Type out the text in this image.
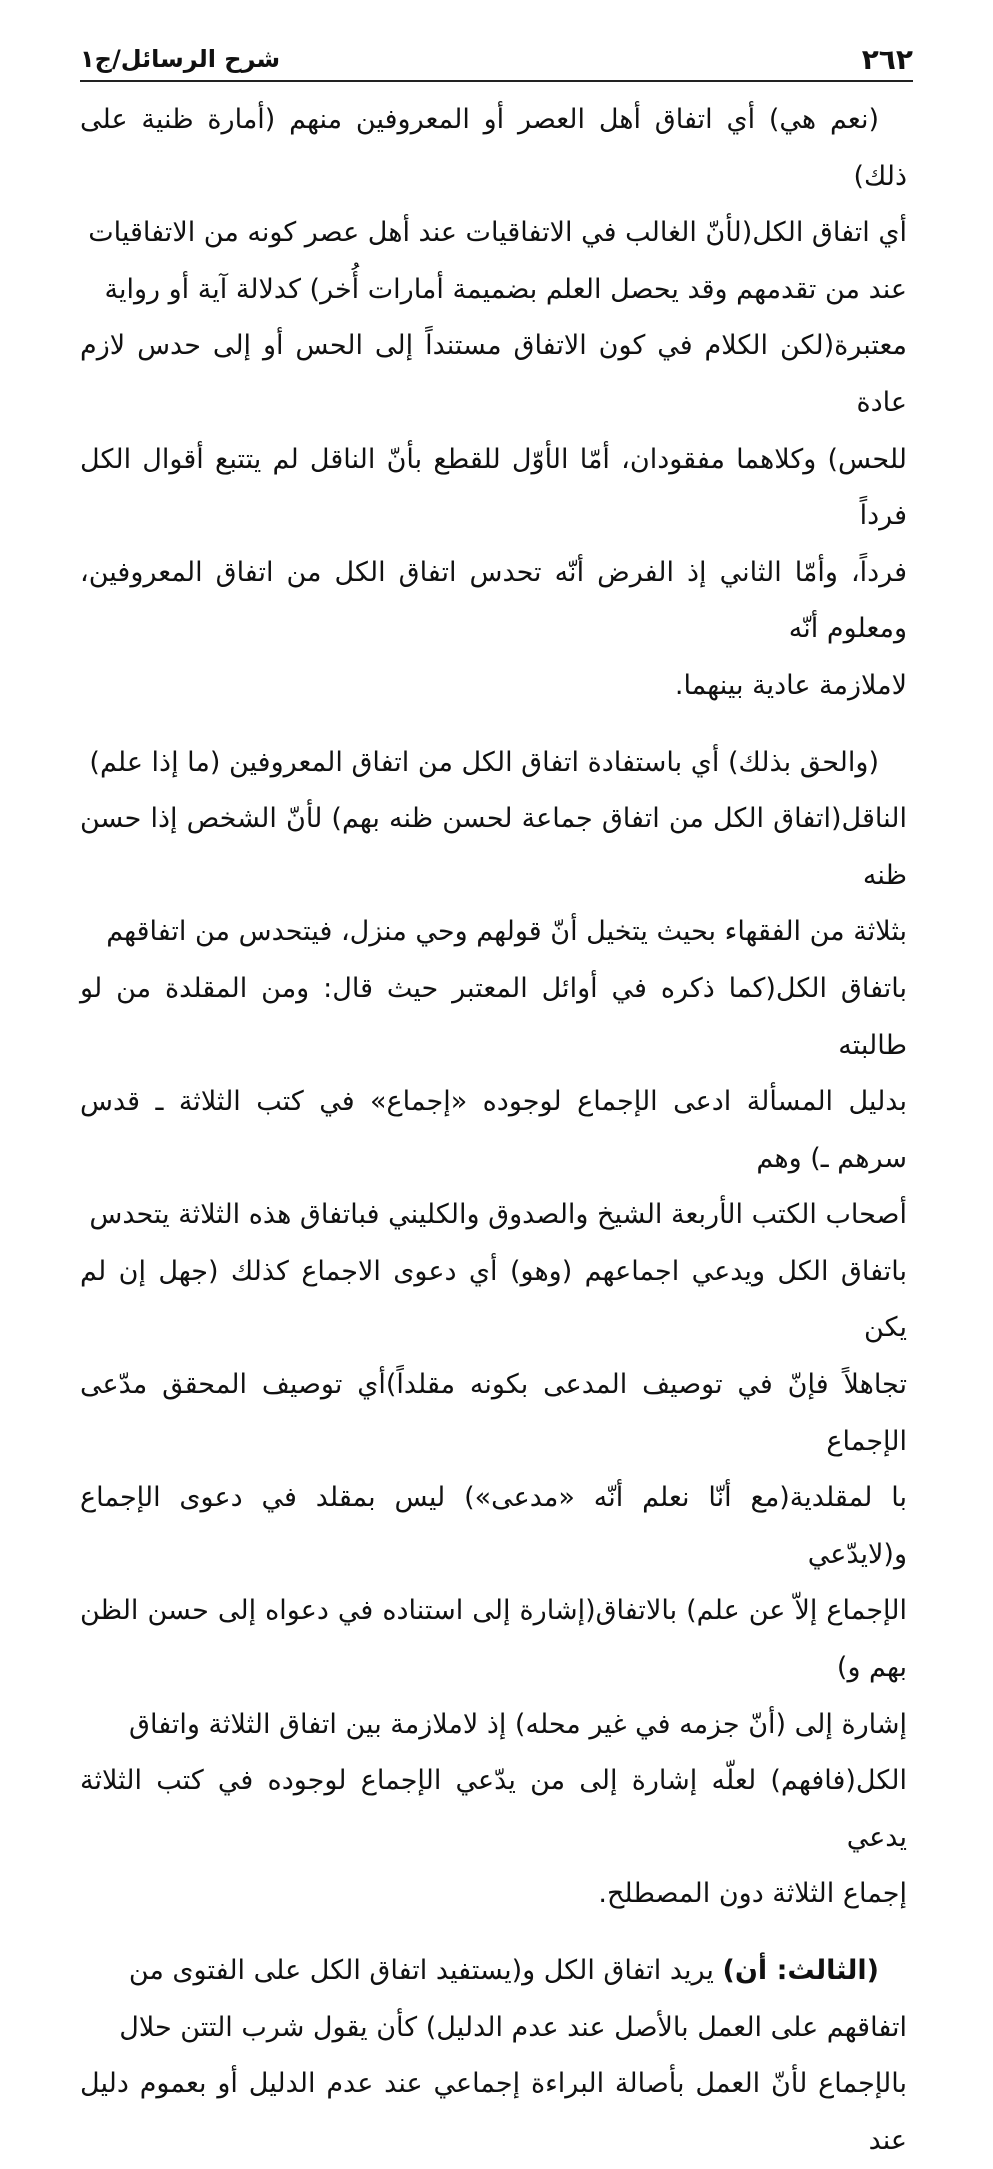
٢٦٢
شرح الرسائل/ج١

(نعم هي) أي اتفاق أهل العصر أو المعروفين منهم (أمارة ظنية على ذلك)

أي اتفاق الكل(لأنّ الغالب في الاتفاقيات عند أهل عصر كونه من الاتفاقيات

عند من تقدمهم وقد يحصل العلم بضميمة أمارات أُخر) كدلالة آية أو رواية

معتبرة(لكن الكلام في كون الاتفاق مستنداً إلى الحس أو إلى حدس لازم عادة

للحس) وكلاهما مفقودان، أمّا الأوّل للقطع بأنّ الناقل لم يتتبع أقوال الكل فرداً

فرداً، وأمّا الثاني إذ الفرض أنّه تحدس اتفاق الكل من اتفاق المعروفين، ومعلوم أنّه

لاملازمة عادية بينهما.

(والحق بذلك) أي باستفادة اتفاق الكل من اتفاق المعروفين (ما إذا علم)

الناقل(اتفاق الكل من اتفاق جماعة لحسن ظنه بهم) لأنّ الشخص إذا حسن ظنه

بثلاثة من الفقهاء بحيث يتخيل أنّ قولهم وحي منزل، فيتحدس من اتفاقهم

باتفاق الكل(كما ذكره في أوائل المعتبر حيث قال: ومن المقلدة من لو طالبته

بدليل المسألة ادعى الإجماع لوجوده «إجماع» في كتب الثلاثة ـ قدس سرهم ـ) وهم

أصحاب الكتب الأربعة الشيخ والصدوق والكليني فباتفاق هذه الثلاثة يتحدس

باتفاق الكل ويدعي اجماعهم (وهو) أي دعوى الاجماع كذلك (جهل إن لم يكن

تجاهلاً فإنّ في توصيف المدعى بكونه مقلداً)أي توصيف المحقق مدّعى الإجماع

با لمقلدية(مع أنّا نعلم أنّه «مدعى») ليس بمقلد في دعوى الإجماع و(لايدّعي

الإجماع إلاّ عن علم) بالاتفاق(إشارة إلى استناده في دعواه إلى حسن الظن بهم و)

إشارة إلى (أنّ جزمه في غير محله) إذ لاملازمة بين اتفاق الثلاثة واتفاق

الكل(فافهم) لعلّه إشارة إلى من يدّعي الإجماع لوجوده في كتب الثلاثة يدعي

إجماع الثلاثة دون المصطلح.

(الثالث: أن) يريد اتفاق الكل و(يستفيد اتفاق الكل على الفتوى من

اتفاقهم على العمل بالأصل عند عدم الدليل) كأن يقول شرب التتن حلال

بالإجماع لأنّ العمل بأصالة البراءة إجماعي عند عدم الدليل أو بعموم دليل عند
